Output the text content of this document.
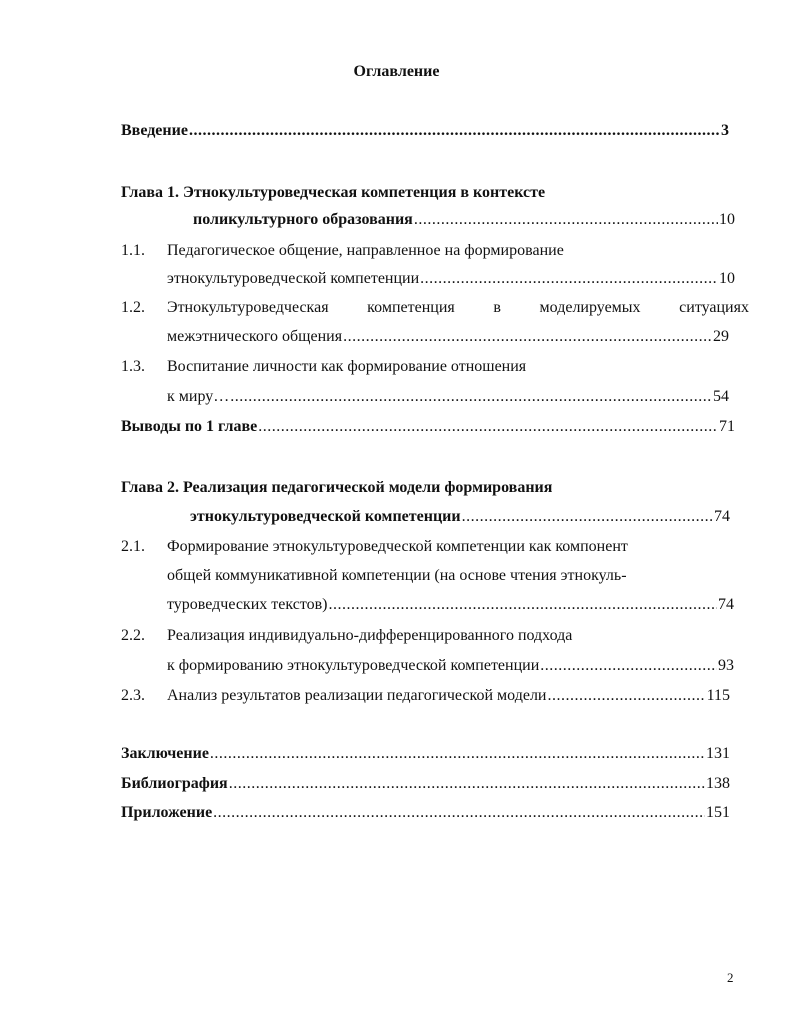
Оглавление
Введение .....	3
Глава 1. Этнокультуроведческая компетенция в контексте
поликультурного образования .....	10
1.1. Педагогическое общение, направленное на формирование
этнокультуроведческой компетенции .....	10
1.2.	Этнокультуроведческая компетенция в моделируемых ситуациях
межэтнического общения .....	29
1.3. Воспитание личности как формирование отношения
к миру… .....	54
Выводы по 1 главе .....	71
Глава 2. Реализация педагогической модели формирования
этнокультуроведческой компетенции .....	74
2.1. Формирование этнокультуроведческой компетенции как компонент
общей коммуникативной компетенции (на основе чтения этнокуль-
туроведческих текстов) .....	74
2.2. Реализация индивидуально-дифференцированного подхода
к формированию этнокультуроведческой компетенции .....	93
2.3.	Анализ результатов реализации педагогической модели .....	115
Заключение .....	131
Библиография .....	138
Приложение .....	151
2
